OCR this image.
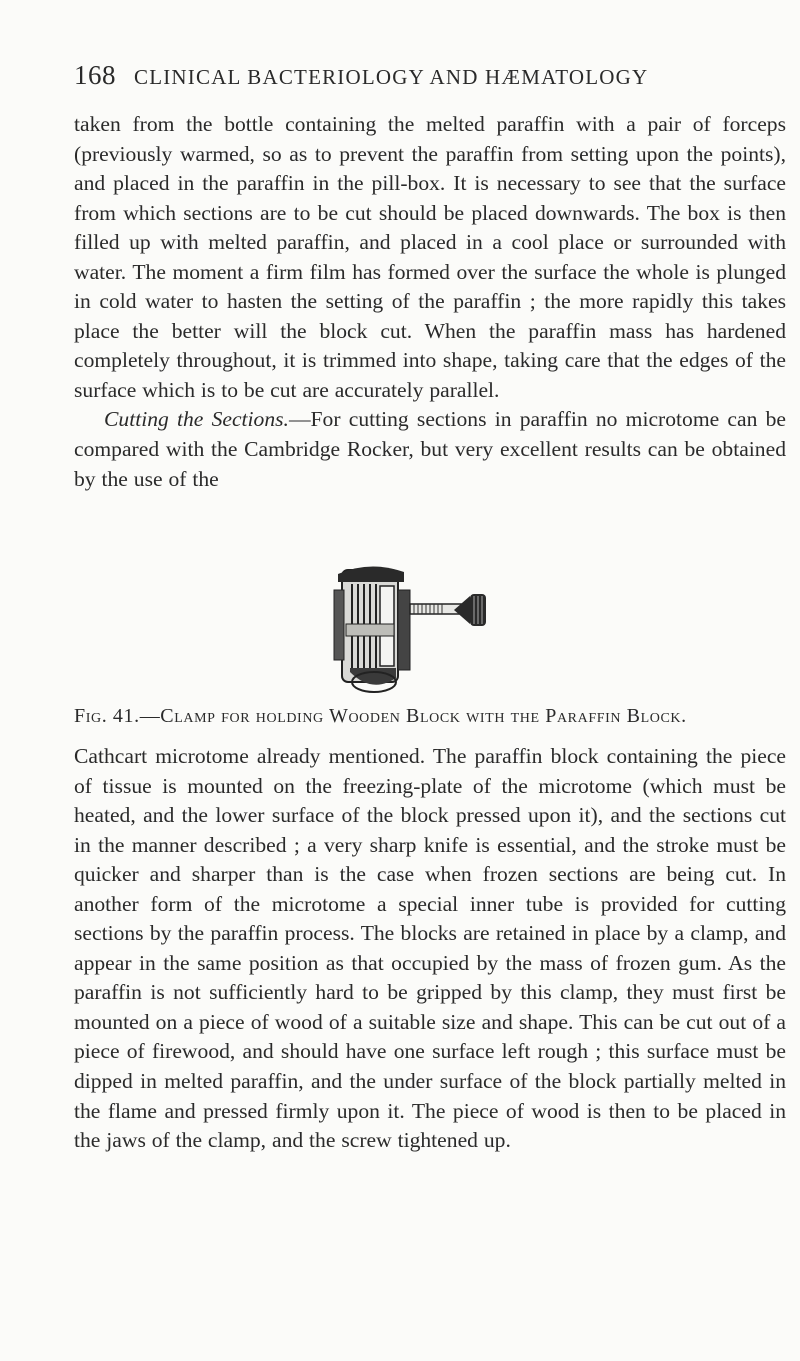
168 CLINICAL BACTERIOLOGY AND HÆMATOLOGY

taken from the bottle containing the melted paraffin with a pair of forceps (previously warmed, so as to prevent the paraffin from setting upon the points), and placed in the paraffin in the pill-box. It is necessary to see that the surface from which sections are to be cut should be placed downwards. The box is then filled up with melted paraffin, and placed in a cool place or surrounded with water. The moment a firm film has formed over the surface the whole is plunged in cold water to hasten the setting of the paraffin ; the more rapidly this takes place the better will the block cut. When the paraffin mass has hardened completely throughout, it is trimmed into shape, taking care that the edges of the surface which is to be cut are accurately parallel.

Cutting the Sections.—For cutting sections in paraffin no microtome can be compared with the Cambridge Rocker, but very excellent results can be obtained by the use of the

Fig. 41.—Clamp for holding Wooden Block with the Paraffin Block.

Cathcart microtome already mentioned. The paraffin block containing the piece of tissue is mounted on the freezing-plate of the microtome (which must be heated, and the lower surface of the block pressed upon it), and the sections cut in the manner described ; a very sharp knife is essential, and the stroke must be quicker and sharper than is the case when frozen sections are being cut. In another form of the microtome a special inner tube is provided for cutting sections by the paraffin process. The blocks are retained in place by a clamp, and appear in the same position as that occupied by the mass of frozen gum. As the paraffin is not sufficiently hard to be gripped by this clamp, they must first be mounted on a piece of wood of a suitable size and shape. This can be cut out of a piece of firewood, and should have one surface left rough ; this surface must be dipped in melted paraffin, and the under surface of the block partially melted in the flame and pressed firmly upon it. The piece of wood is then to be placed in the jaws of the clamp, and the screw tightened up.
